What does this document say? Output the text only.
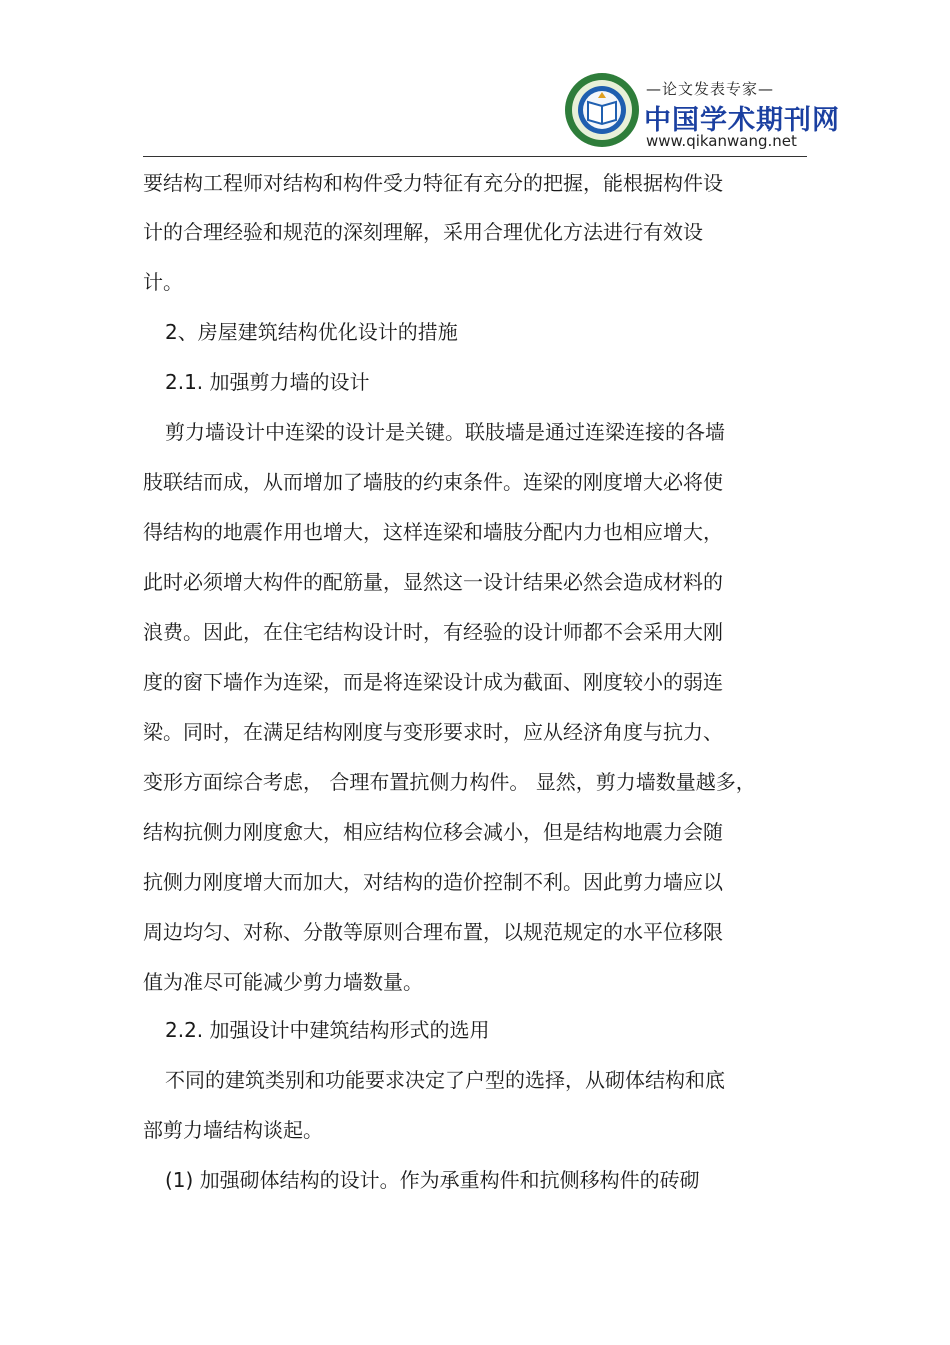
—论文发表专家—
中国学术期刊网
www.qikanwang.net
要结构工程师对结构和构件受力特征有充分的把握，能根据构件设
计的合理经验和规范的深刻理解，采用合理优化方法进行有效设
计。
2、房屋建筑结构优化设计的措施
2.1. 加强剪力墙的设计
剪力墙设计中连梁的设计是关键。联肢墙是通过连梁连接的各墙
肢联结而成，从而增加了墙肢的约束条件。连梁的刚度增大必将使
得结构的地震作用也增大，这样连梁和墙肢分配内力也相应增大，
此时必须增大构件的配筋量，显然这一设计结果必然会造成材料的
浪费。因此，在住宅结构设计时，有经验的设计师都不会采用大刚
度的窗下墙作为连梁，而是将连梁设计成为截面、刚度较小的弱连
梁。同时，在满足结构刚度与变形要求时，应从经济角度与抗力、
变形方面综合考虑， 合理布置抗侧力构件。 显然，剪力墙数量越多，
结构抗侧力刚度愈大，相应结构位移会减小，但是结构地震力会随
抗侧力刚度增大而加大，对结构的造价控制不利。因此剪力墙应以
周边均匀、对称、分散等原则合理布置，以规范规定的水平位移限
值为准尽可能减少剪力墙数量。
2.2. 加强设计中建筑结构形式的选用
不同的建筑类别和功能要求决定了户型的选择，从砌体结构和底
部剪力墙结构谈起。
(1) 加强砌体结构的设计。作为承重构件和抗侧移构件的砖砌
